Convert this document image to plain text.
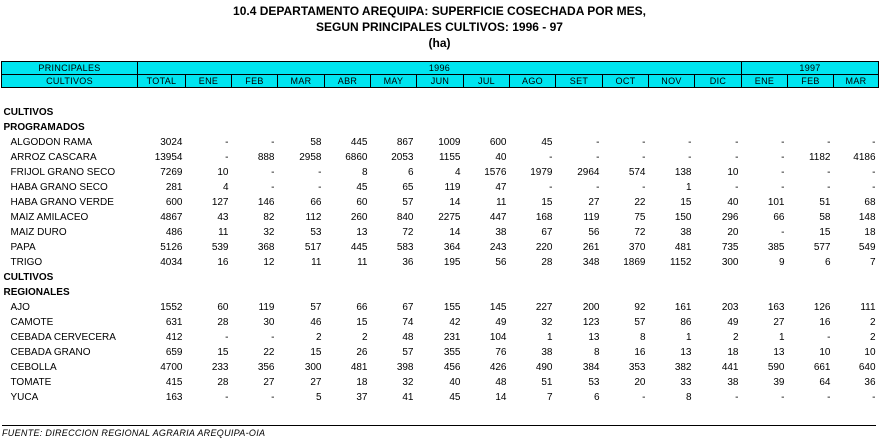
10.4 DEPARTAMENTO AREQUIPA: SUPERFICIE COSECHADA POR MES,
SEGUN PRINCIPALES CULTIVOS: 1996 - 97
(ha)
PRINCIPALES	1996													1997		
CULTIVOS	TOTAL	ENE	FEB	MAR	ABR	MAY	JUN	JUL	AGO	SET	OCT	NOV	DIC	ENE	FEB	MAR

CULTIVOS																
PROGRAMADOS																
ALGODON RAMA	3024	-	-	58	445	867	1009	600	45	-	-	-	-	-	-	-
ARROZ CASCARA	13954	-	888	2958	6860	2053	1155	40	-	-	-	-	-	-	1182	4186
FRIJOL GRANO SECO	7269	10	-	-	8	6	4	1576	1979	2964	574	138	10	-	-	-
HABA GRANO SECO	281	4	-	-	45	65	119	47	-	-	-	1	-	-	-	-
HABA GRANO VERDE	600	127	146	66	60	57	14	11	15	27	22	15	40	101	51	68
MAIZ AMILACEO	4867	43	82	112	260	840	2275	447	168	119	75	150	296	66	58	148
MAIZ DURO	486	11	32	53	13	72	14	38	67	56	72	38	20	-	15	18
PAPA	5126	539	368	517	445	583	364	243	220	261	370	481	735	385	577	549
TRIGO	4034	16	12	11	11	36	195	56	28	348	1869	1152	300	9	6	7
CULTIVOS																
REGIONALES																
AJO	1552	60	119	57	66	67	155	145	227	200	92	161	203	163	126	111
CAMOTE	631	28	30	46	15	74	42	49	32	123	57	86	49	27	16	2
CEBADA CERVECERA	412	-	-	2	2	48	231	104	1	13	8	1	2	1	-	2
CEBADA GRANO	659	15	22	15	26	57	355	76	38	8	16	13	18	13	10	10
CEBOLLA	4700	233	356	300	481	398	456	426	490	384	353	382	441	590	661	640
TOMATE	415	28	27	27	18	32	40	48	51	53	20	33	38	39	64	36
YUCA	163	-	-	5	37	41	45	14	7	6	-	8	-	-	-	-
FUENTE: DIRECCION REGIONAL AGRARIA AREQUIPA-OIA
